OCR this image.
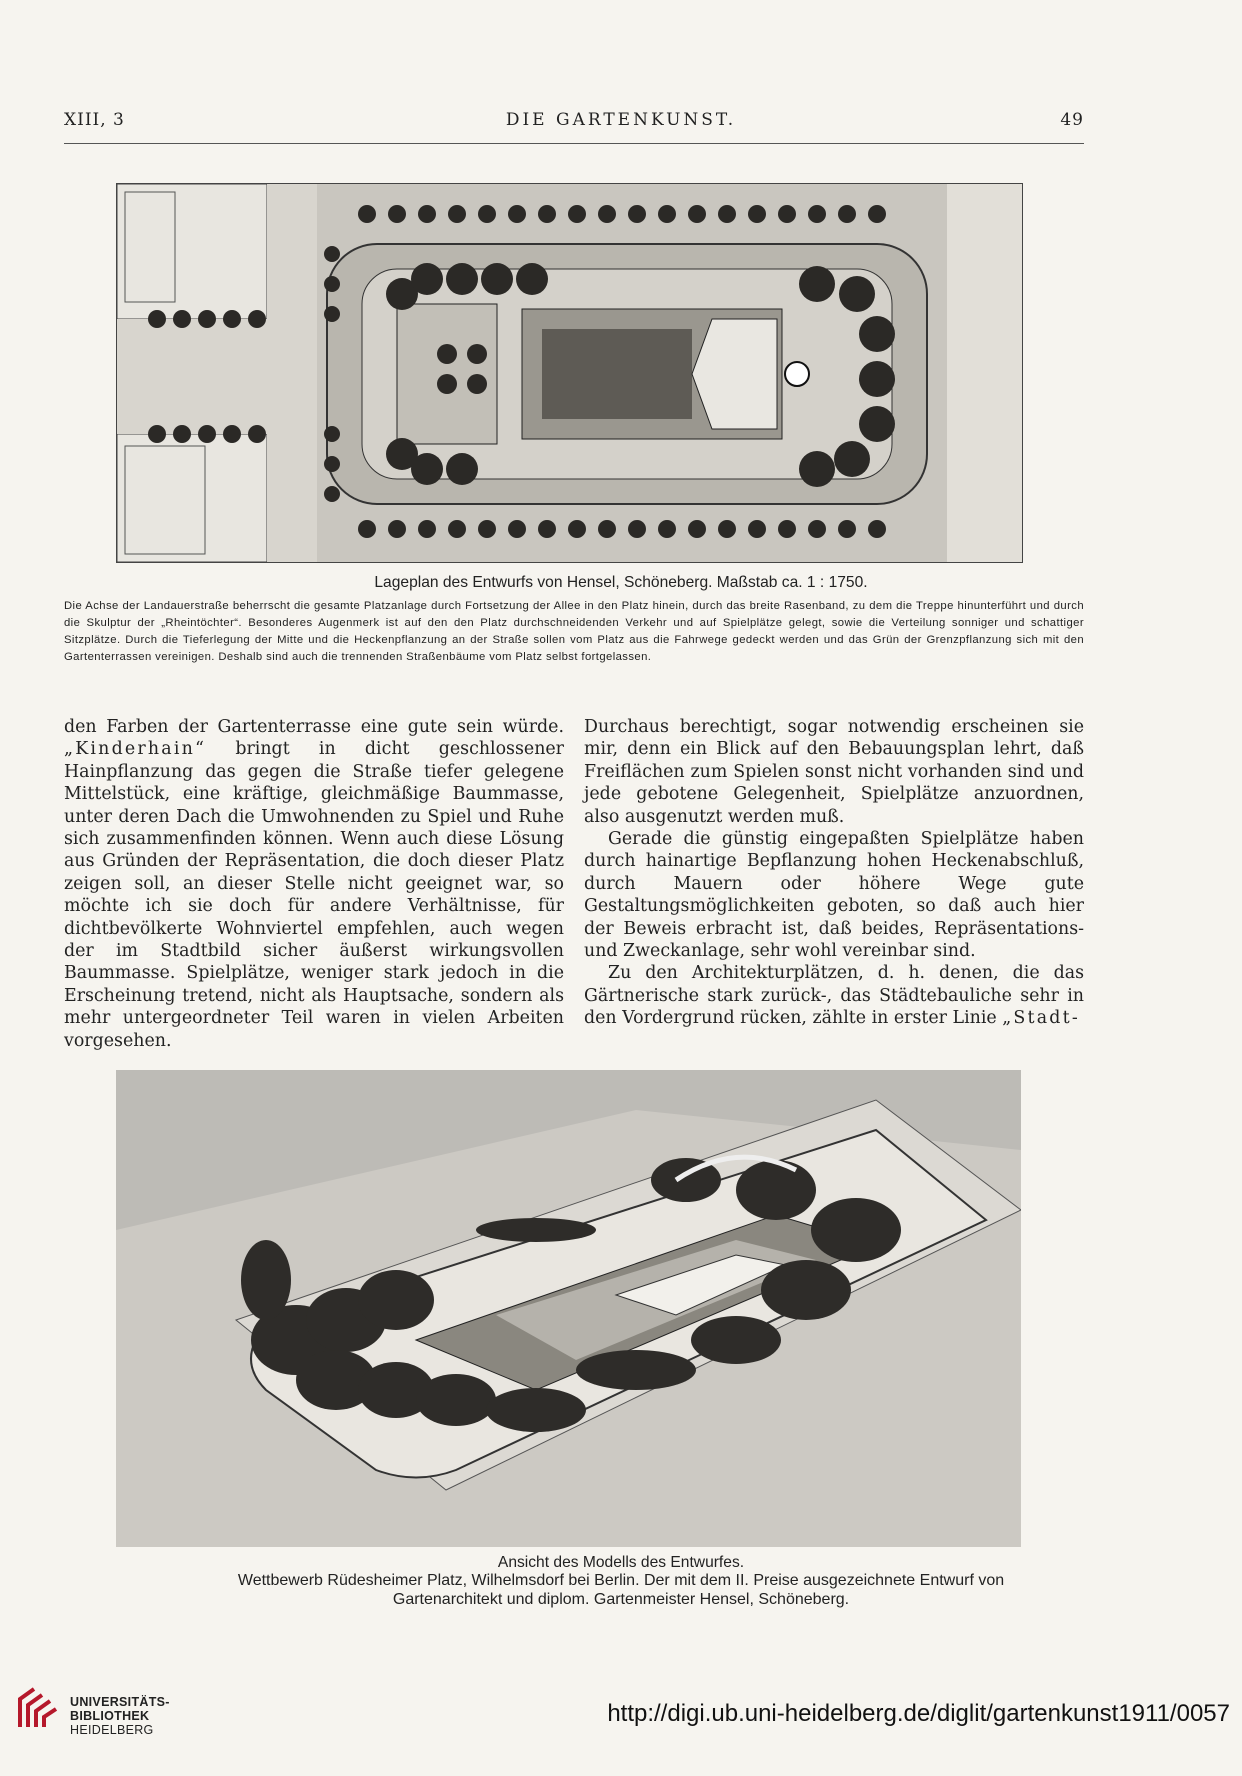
XIII, 3	DIE GARTENKUNST.	49
Lageplan des Entwurfs von Hensel, Schöneberg. Maßstab ca. 1 : 1750.
Die Achse der Landauerstraße beherrscht die gesamte Platzanlage durch Fortsetzung der Allee in den Platz hinein, durch das breite Rasenband, zu dem die Treppe hinunterführt und durch die Skulptur der „Rheintöchter“. Besonderes Augenmerk ist auf den den Platz durchschneidenden Verkehr und auf Spielplätze gelegt, sowie die Verteilung sonniger und schattiger Sitzplätze. Durch die Tieferlegung der Mitte und die Heckenpflanzung an der Straße sollen vom Platz aus die Fahrwege gedeckt werden und das Grün der Grenzpflanzung sich mit den Gartenterrassen vereinigen. Deshalb sind auch die trennenden Straßenbäume vom Platz selbst fortgelassen.

den Farben der Gartenterrasse eine gute sein würde. „Kinderhain“ bringt in dicht geschlossener Hainpflanzung das gegen die Straße tiefer gelegene Mittelstück, eine kräftige, gleichmäßige Baummasse, unter deren Dach die Umwohnenden zu Spiel und Ruhe sich zusammenfinden können. Wenn auch diese Lösung aus Gründen der Repräsentation, die doch dieser Platz zeigen soll, an dieser Stelle nicht geeignet war, so möchte ich sie doch für andere Verhältnisse, für dichtbevölkerte Wohnviertel empfehlen, auch wegen der im Stadtbild sicher äußerst wirkungsvollen Baummasse. Spielplätze, weniger stark jedoch in die Erscheinung tretend, nicht als Hauptsache, sondern als mehr untergeordneter Teil waren in vielen Arbeiten vorgesehen.

Durchaus berechtigt, sogar notwendig erscheinen sie mir, denn ein Blick auf den Bebauungsplan lehrt, daß Freiflächen zum Spielen sonst nicht vorhanden sind und jede gebotene Gelegenheit, Spielplätze anzuordnen, also ausgenutzt werden muß.

Gerade die günstig eingepaßten Spielplätze haben durch hainartige Bepflanzung hohen Heckenabschluß, durch Mauern oder höhere Wege gute Gestaltungsmöglichkeiten geboten, so daß auch hier der Beweis erbracht ist, daß beides, Repräsentations- und Zweckanlage, sehr wohl vereinbar sind.

Zu den Architekturplätzen, d. h. denen, die das Gärtnerische stark zurück-, das Städtebauliche sehr in den Vordergrund rücken, zählte in erster Linie „Stadt-

Ansicht des Modells des Entwurfes.
Wettbewerb Rüdesheimer Platz, Wilhelmsdorf bei Berlin. Der mit dem II. Preise ausgezeichnete Entwurf von
Gartenarchitekt und diplom. Gartenmeister Hensel, Schöneberg.
UNIVERSITÄTS-
BIBLIOTHEK
HEIDELBERG
http://digi.ub.uni-heidelberg.de/diglit/gartenkunst1911/0057
